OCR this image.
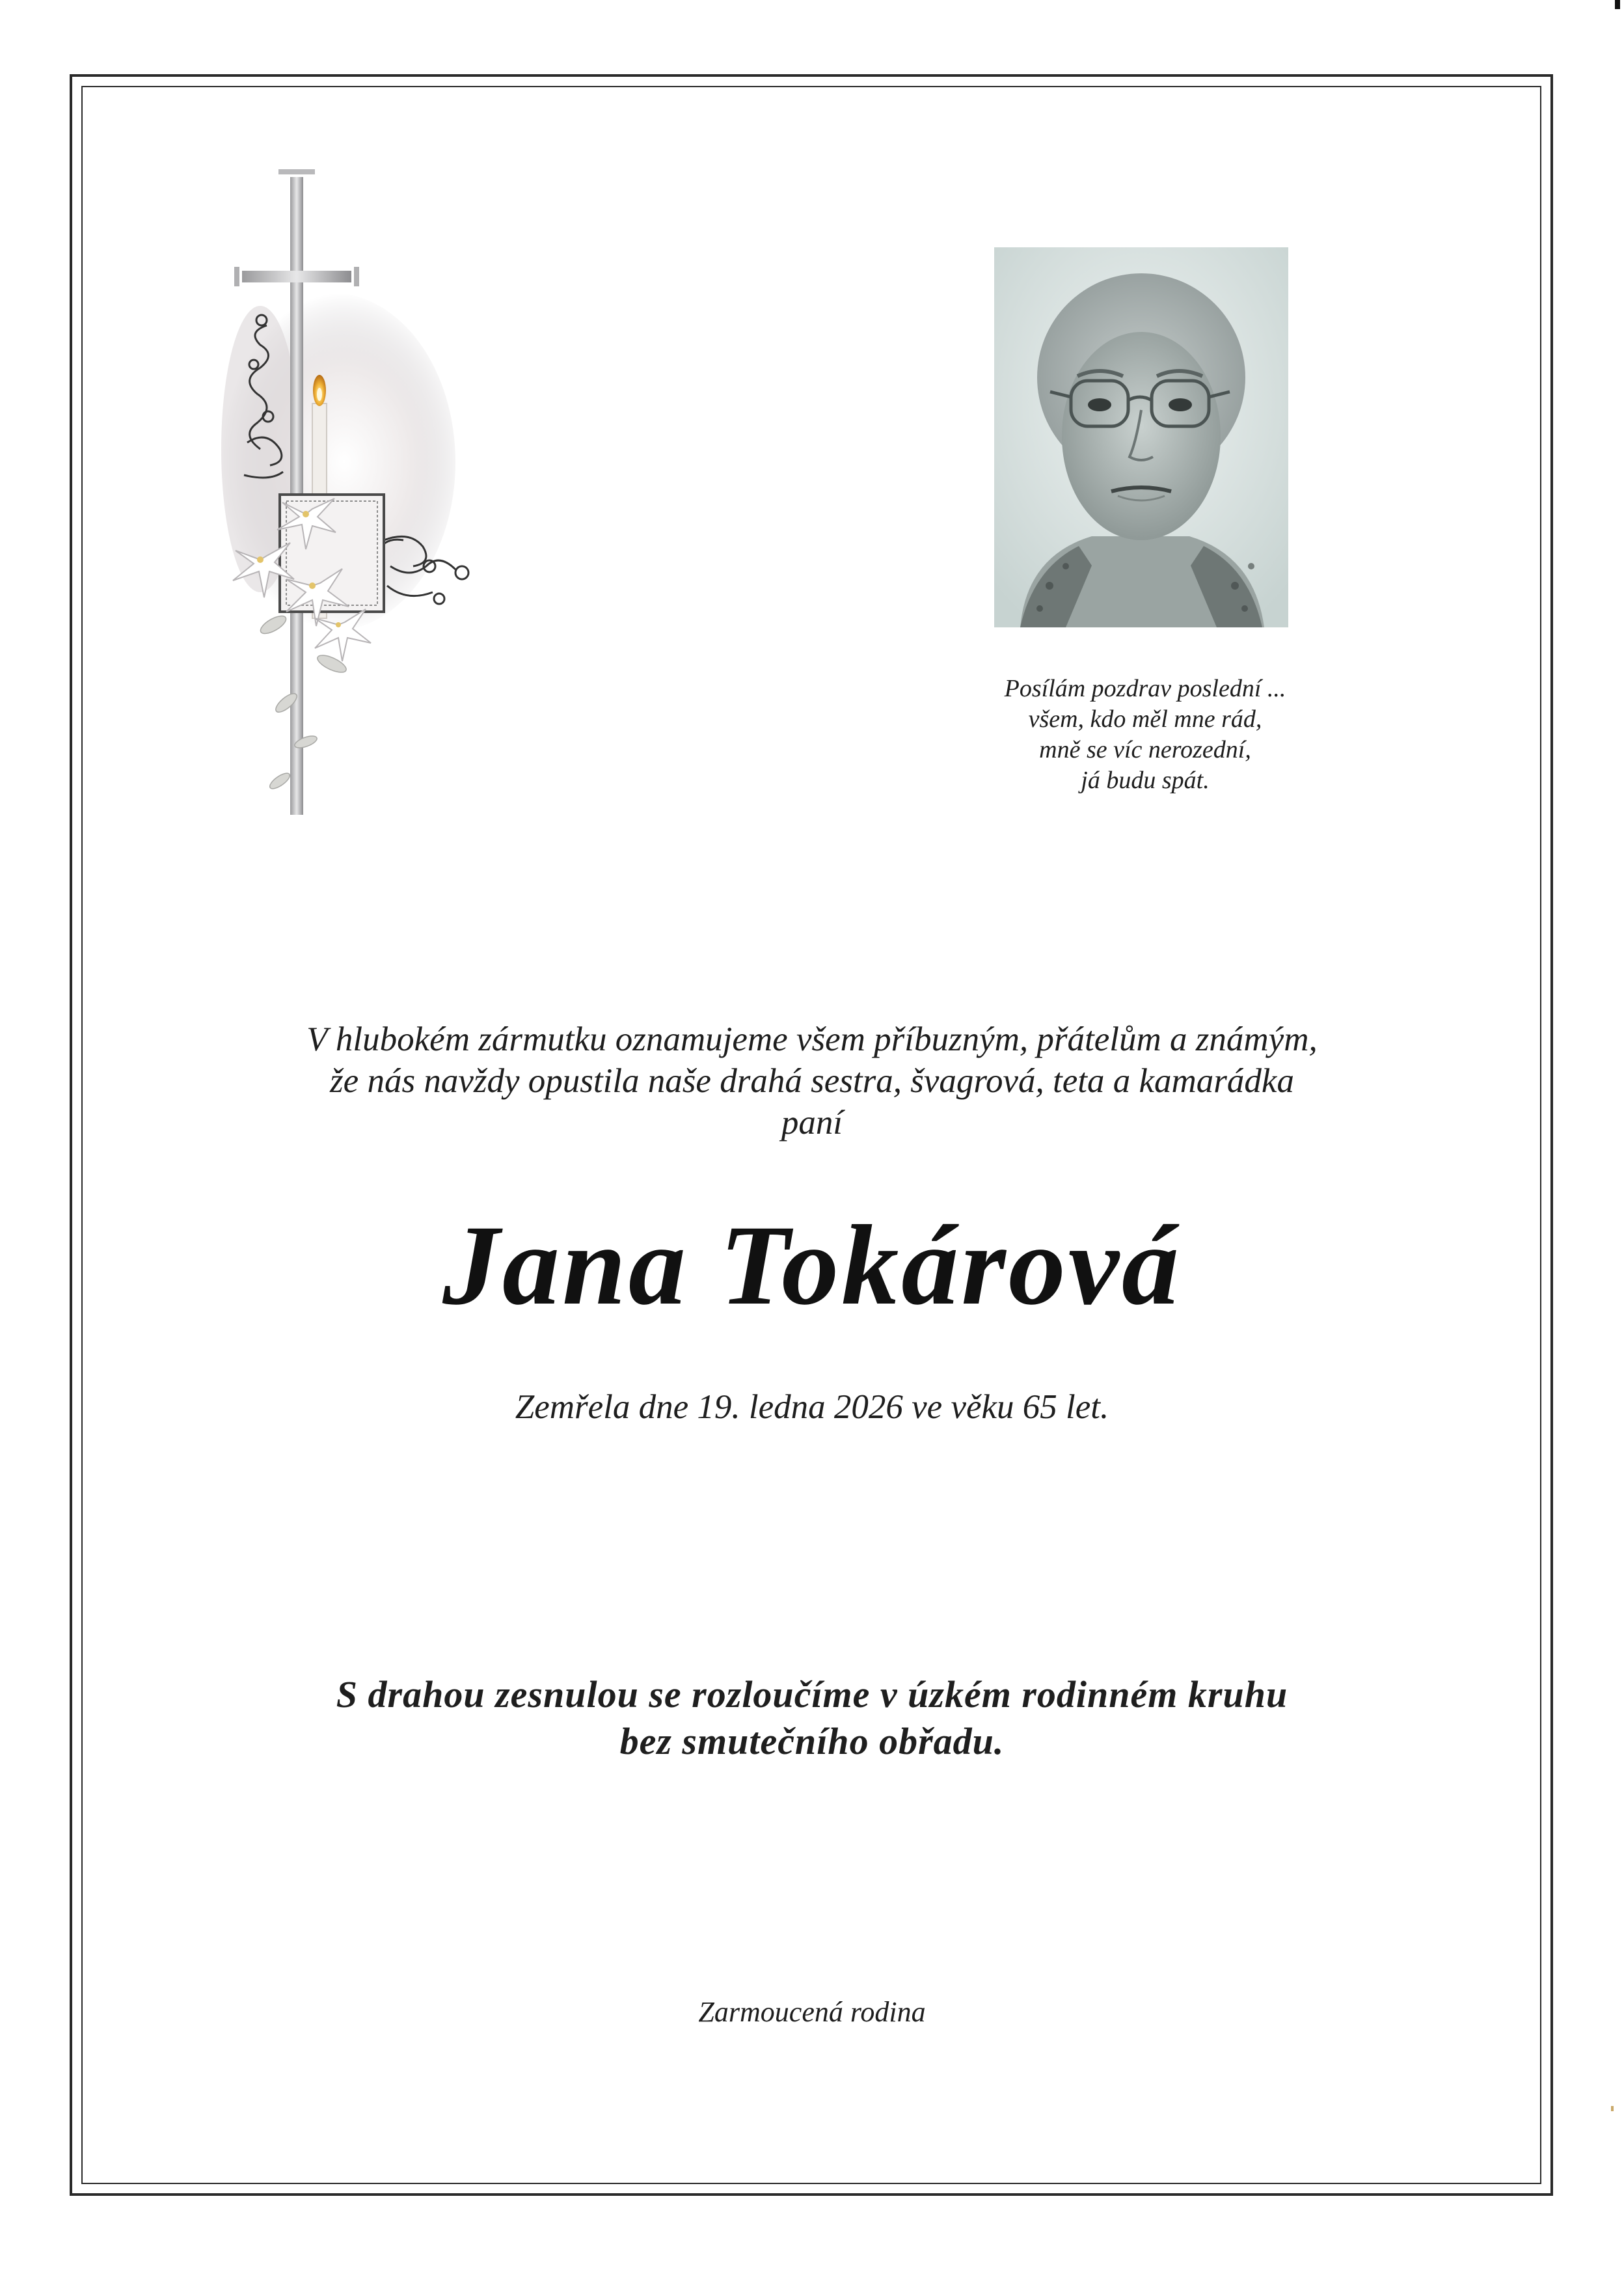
Posílám pozdrav poslední ...
všem, kdo měl mne rád,
mně se víc nerozední,
já budu spát.
V hlubokém zármutku oznamujeme všem příbuzným, přátelům a známým,
že nás navždy opustila naše drahá sestra, švagrová, teta a kamarádka
paní
Jana Tokárová
Zemřela dne 19. ledna 2026 ve věku 65 let.
S drahou zesnulou se rozloučíme v úzkém rodinném kruhu
bez smutečního obřadu.
Zarmoucená rodina
